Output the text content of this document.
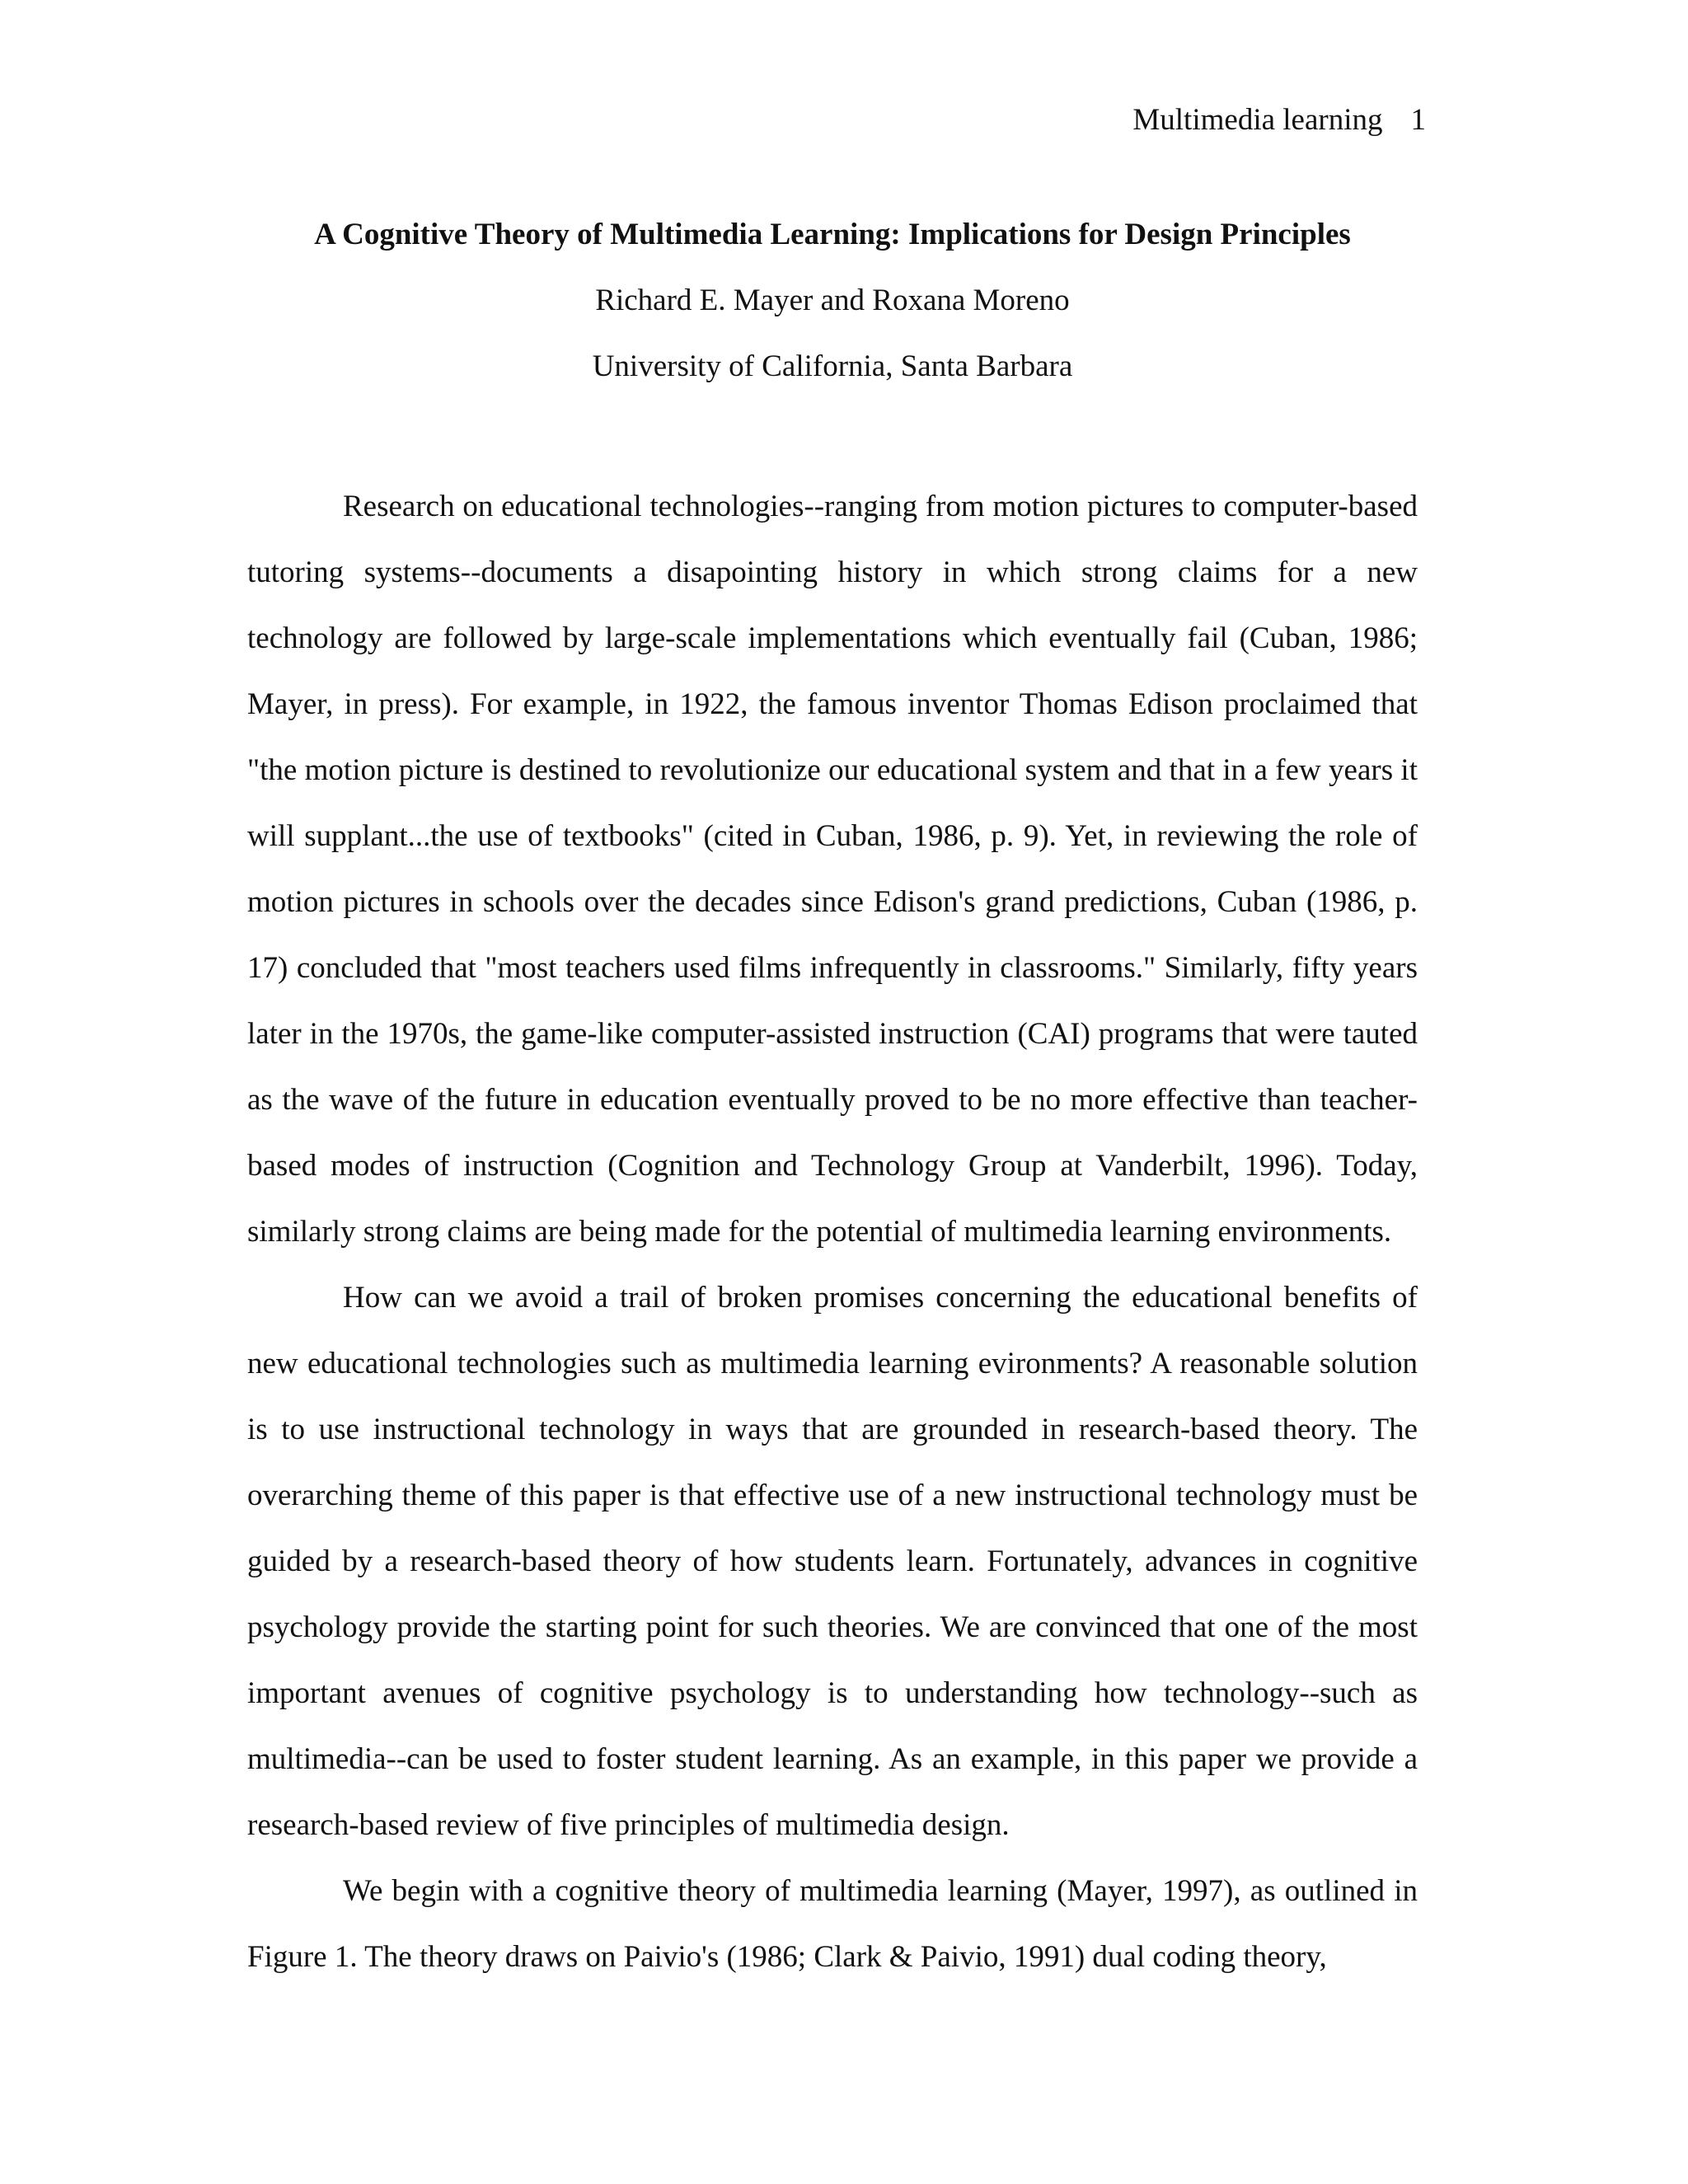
Multimedia learning 1
A Cognitive Theory of Multimedia Learning: Implications for Design Principles
Richard E. Mayer and Roxana Moreno
University of California, Santa Barbara

Research on educational technologies--ranging from motion pictures to computer-based tutoring systems--documents a disapointing history in which strong claims for a new technology are followed by large-scale implementations which eventually fail (Cuban, 1986; Mayer, in press). For example, in 1922, the famous inventor Thomas Edison proclaimed that "the motion picture is destined to revolutionize our educational system and that in a few years it will supplant...the use of textbooks" (cited in Cuban, 1986, p. 9). Yet, in reviewing the role of motion pictures in schools over the decades since Edison's grand predictions, Cuban (1986, p. 17) concluded that "most teachers used films infrequently in classrooms." Similarly, fifty years later in the 1970s, the game-like computer-assisted instruction (CAI) programs that were tauted as the wave of the future in education eventually proved to be no more effective than teacher-based modes of instruction (Cognition and Technology Group at Vanderbilt, 1996). Today, similarly strong claims are being made for the potential of multimedia learning environments.

How can we avoid a trail of broken promises concerning the educational benefits of new educational technologies such as multimedia learning evironments? A reasonable solution is to use instructional technology in ways that are grounded in research-based theory. The overarching theme of this paper is that effective use of a new instructional technology must be guided by a research-based theory of how students learn. Fortunately, advances in cognitive psychology provide the starting point for such theories. We are convinced that one of the most important avenues of cognitive psychology is to understanding how technology--such as multimedia--can be used to foster student learning. As an example, in this paper we provide a research-based review of five principles of multimedia design.

We begin with a cognitive theory of multimedia learning (Mayer, 1997), as outlined in Figure 1. The theory draws on Paivio's (1986; Clark & Paivio, 1991) dual coding theory,
